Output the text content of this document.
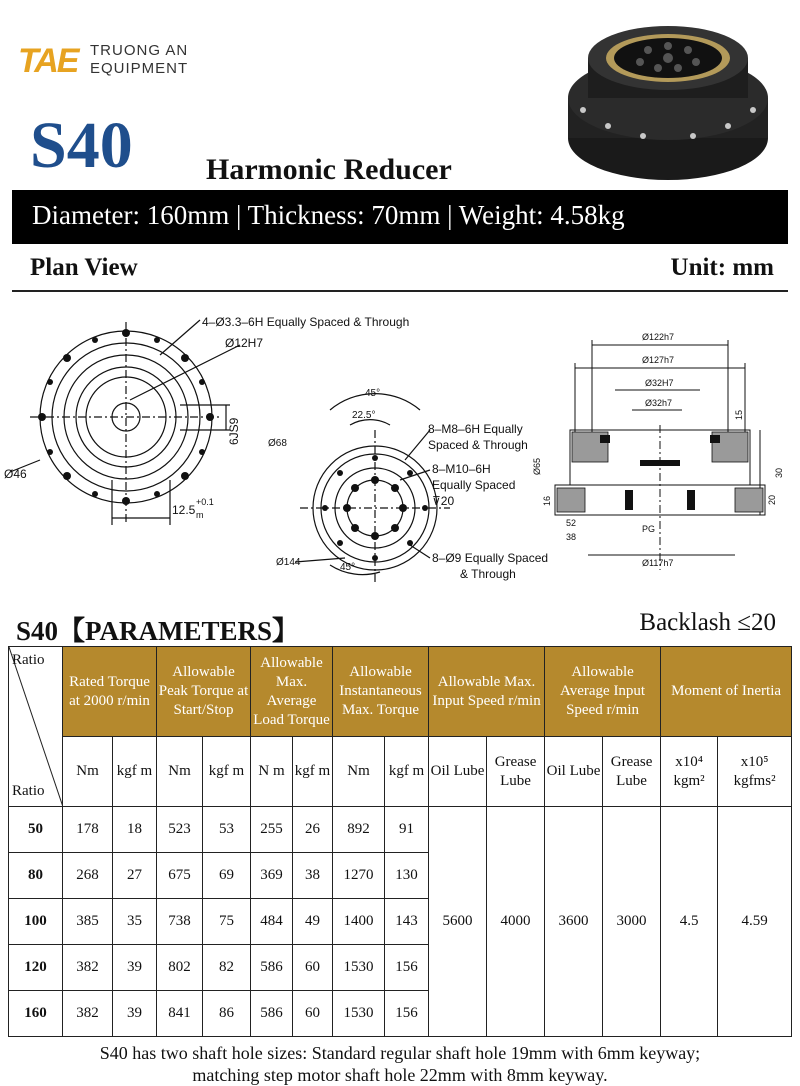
TAE TRUONG AN
EQUIPMENT
S40 Harmonic Reducer
Diameter: 160mm | Thickness: 70mm | Weight: 4.58kg
Plan View	Unit: mm
4–Ø3.3–6H Equally Spaced & Through
Ø12H7
Ø46
6JS9
12.5
+0.1
m
45°
22.5°
Ø68
Ø144	45°
8–M8–6H Equally
Spaced & Through
8–M10–6H
Equally Spaced
⊽20
8–Ø9 Equally Spaced
& Through
Ø122h7
Ø127h7
Ø32H7
Ø32h7
Ø65
Ø117h7
15
30
20
16
52
38
PG
S40【PARAMETERS】	Backlash ≤20
Ratio
Ratio	Rated Torque at 2000 r/min		Allowable Peak Torque at Start/Stop		Allowable Max. Average Load Torque		Allowable Instantaneous Max. Torque		Allowable Max. Input Speed r/min		Allowable Average Input Speed r/min		Moment of Inertia	
	Nm	kgf m	Nm	kgf m	N m	kgf m	Nm	kgf m	Oil Lube	Grease Lube	Oil Lube	Grease Lube	x10⁴ kgm²	x10⁵ kgfms²
50	178	18	523	53	255	26	892	91	5600	4000	3600	3000	4.5	4.59
80	268	27	675	69	369	38	1270	130						
100	385	35	738	75	484	49	1400	143						
120	382	39	802	82	586	60	1530	156						
160	382	39	841	86	586	60	1530	156						
S40 has two shaft hole sizes: Standard regular shaft hole 19mm with 6mm keyway;
matching step motor shaft hole 22mm with 8mm keyway.
